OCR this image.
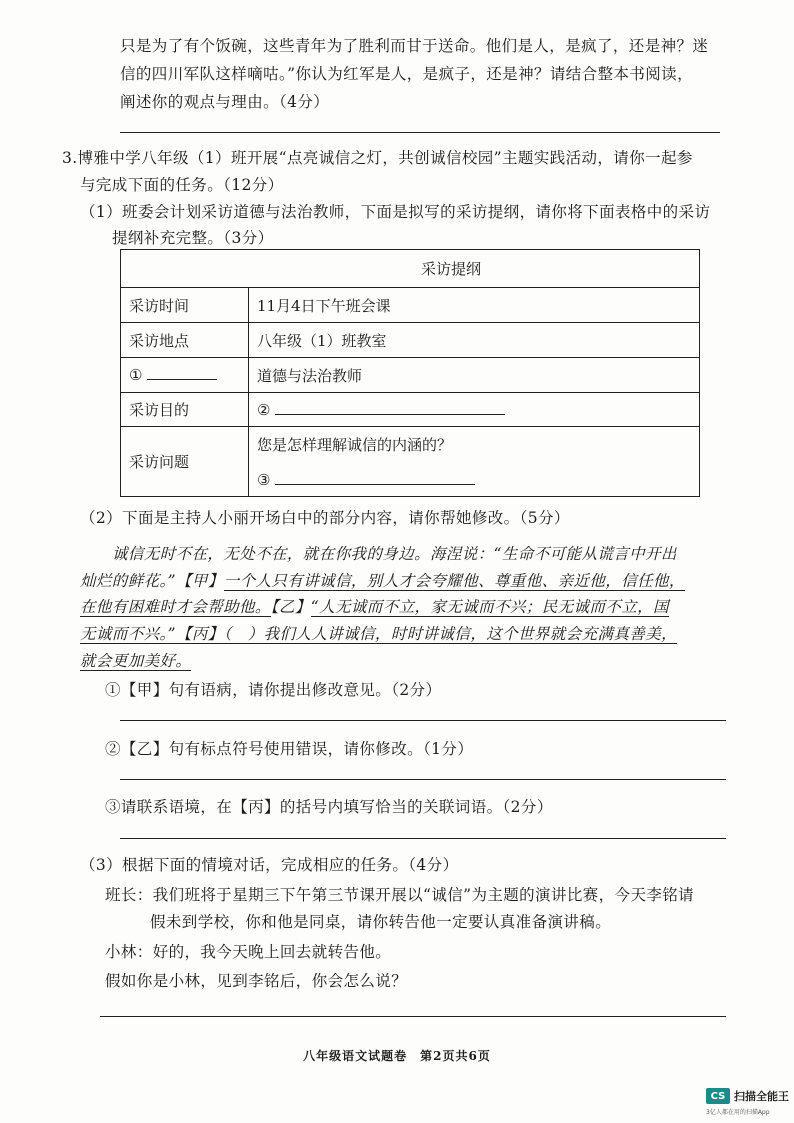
只是为了有个饭碗，这些青年为了胜利而甘于送命。他们是人，是疯了，还是神？迷
信的四川军队这样嘀咕。”你认为红军是人，是疯子，还是神？请结合整本书阅读，
阐述你的观点与理由。（4分）
3.博雅中学八年级（1）班开展“点亮诚信之灯，共创诚信校园”主题实践活动，请你一起参
与完成下面的任务。（12分）
（1）班委会计划采访道德与法治教师，下面是拟写的采访提纲，请你将下面表格中的采访
提纲补充完整。（3分）
采访提纲	
采访时间	11月4日下午班会课
采访地点	八年级（1）班教室
①	道德与法治教师
采访目的	②
采访问题	您是怎样理解诚信的内涵的？
③
（2）下面是主持人小丽开场白中的部分内容，请你帮她修改。（5分）
诚信无时不在，无处不在，就在你我的身边。海涅说：“生命不可能从谎言中开出
灿烂的鲜花。”【甲】一个人只有讲诚信，别人才会夸耀他、尊重他、亲近他，信任他，
在他有困难时才会帮助他。【乙】“人无诚而不立，家无诚而不兴；民无诚而不立，国
无诚而不兴。”【丙】（　）我们人人讲诚信，时时讲诚信，这个世界就会充满真善美，
就会更加美好。
①【甲】句有语病，请你提出修改意见。（2分）
②【乙】句有标点符号使用错误，请你修改。（1分）
③请联系语境，在【丙】的括号内填写恰当的关联词语。（2分）
（3）根据下面的情境对话，完成相应的任务。（4分）
班长：我们班将于星期三下午第三节课开展以“诚信”为主题的演讲比赛，今天李铭请
假未到学校，你和他是同桌，请你转告他一定要认真准备演讲稿。
小林：好的，我今天晚上回去就转告他。
假如你是小林，见到李铭后，你会怎么说？
八年级语文试题卷　第2页共6页
CS 扫描全能王
3亿人都在用的扫描App
